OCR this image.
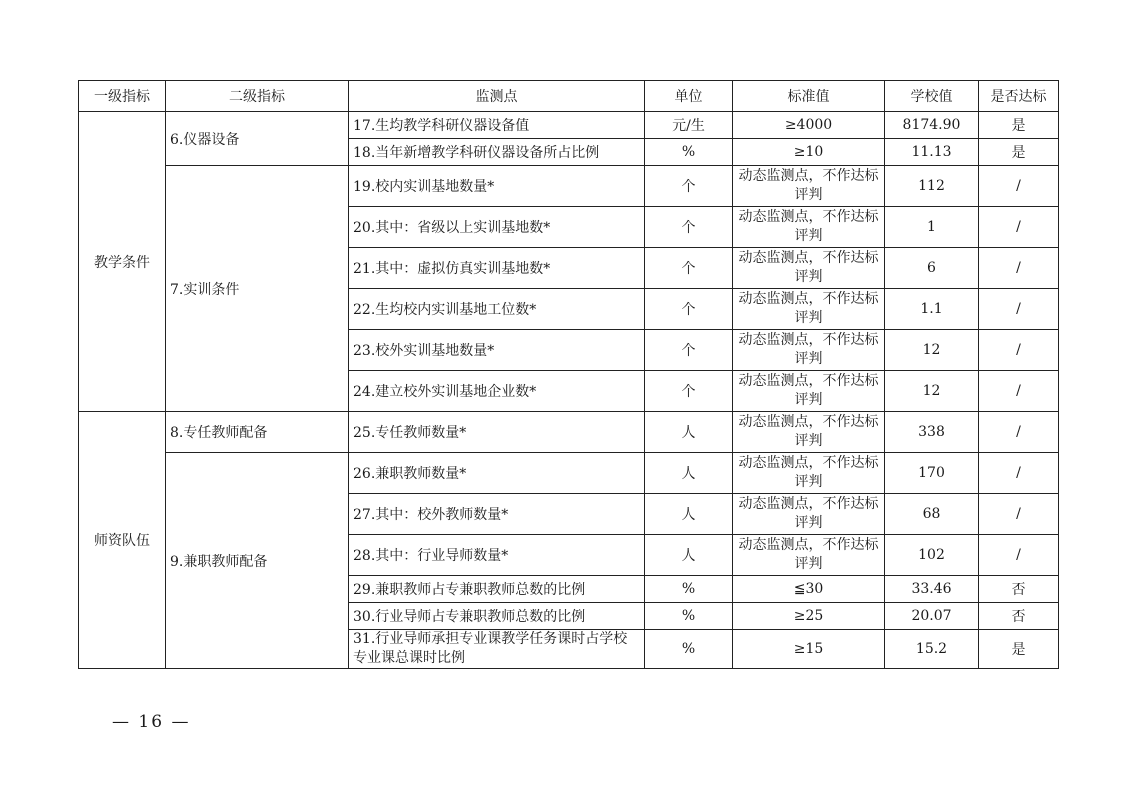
一级指标	二级指标	监测点	单位	标准值	学校值	是否达标
教学条件	6.仪器设备	17.生均教学科研仪器设备值	元/生	≥4000	8174.90	是
		18.当年新增教学科研仪器设备所占比例	%	≥10	11.13	是
	7.实训条件	19.校内实训基地数量*	个	动态监测点，不作达标评判	112	/
		20.其中：省级以上实训基地数*	个	动态监测点，不作达标评判	1	/
		21.其中：虚拟仿真实训基地数*	个	动态监测点，不作达标评判	6	/
		22.生均校内实训基地工位数*	个	动态监测点，不作达标评判	1.1	/
		23.校外实训基地数量*	个	动态监测点，不作达标评判	12	/
		24.建立校外实训基地企业数*	个	动态监测点，不作达标评判	12	/
师资队伍	8.专任教师配备	25.专任教师数量*	人	动态监测点，不作达标评判	338	/
	9.兼职教师配备	26.兼职教师数量*	人	动态监测点，不作达标评判	170	/
		27.其中：校外教师数量*	人	动态监测点，不作达标评判	68	/
		28.其中：行业导师数量*	人	动态监测点，不作达标评判	102	/
		29.兼职教师占专兼职教师总数的比例	%	≦30	33.46	否
		30.行业导师占专兼职教师总数的比例	%	≥25	20.07	否
		31.行业导师承担专业课教学任务课时占学校专业课总课时比例	%	≥15	15.2	是
— 16 —
